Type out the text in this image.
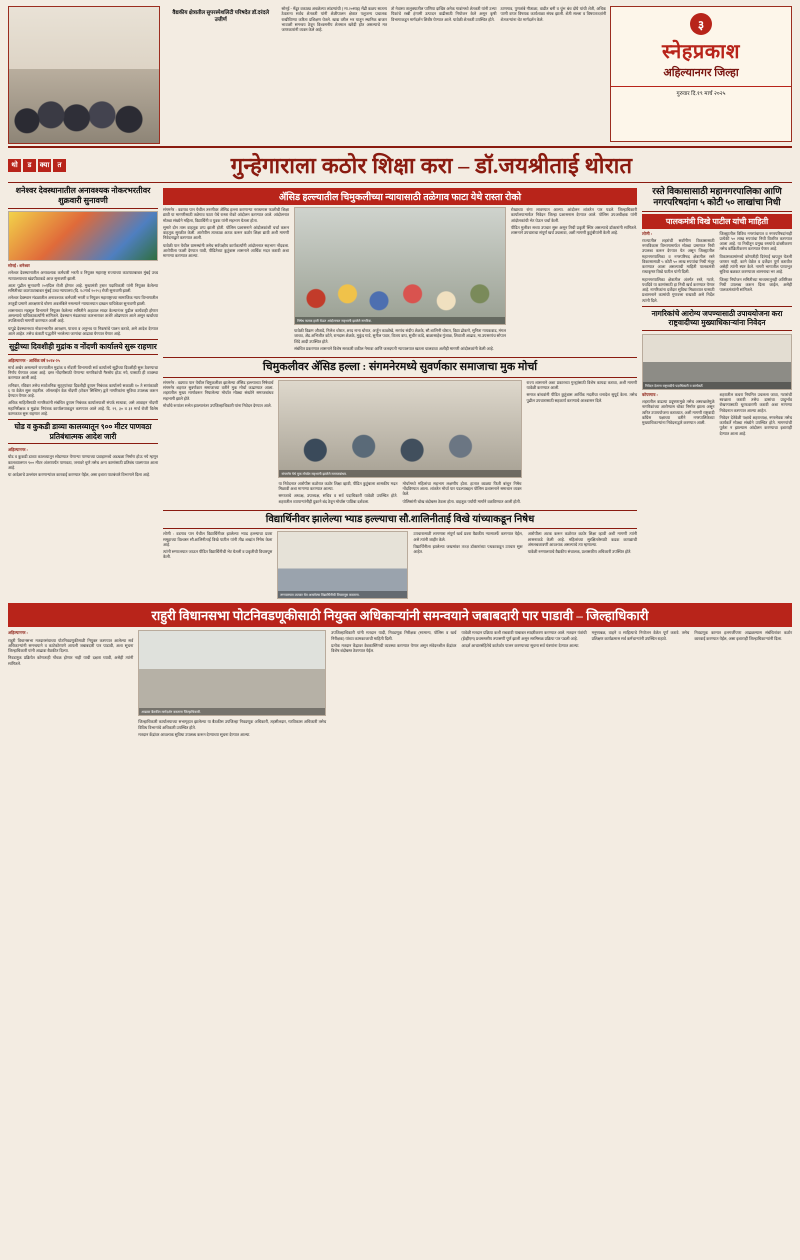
वैद्यकीय क्षेत्रातील सुपरस्पेशलिटी परिषदेत डॉ.दरंदले उत्तीर्ण
सोन्ई - मेंढूर वकाट्य अधळेल्या लांडग्यांची ( मा.२०साह) मेंढी कळप सातत्य ठेवताना सर्वच शेतकरी यांनी शेळीपालन क्षेत्रात पशुजन्य प्रचालक राखीविण्या करिता प्रशिक्षण घेतले. खाद्य वरील भर यातून स्थानिक बाजार भावाशी समन्वय ठेवून विश्वसनीय शेतमाल खरेदी होत असल्याचे मत जाणकारांनी व्यक्त केले आहे.
तो नेवासा तालुक्यातील पाणिया दाखिर अनेक गावांमध्ये शेतकरी यांनी उभ्या पिकांचे रब्बी हंगामी उत्पादन वाढीसाठी नियोजन केले असून कृषी विभागाकडून मार्गदर्शन शिबीर घेण्यात आले. यावेळी शेतकरी उपस्थित होते.
ठाणगाव, पुणतांबे गौताळा, वाडीत बनी व चुंभ बंध दोघे यांची शेती, अधिक पाणी वापर विषयक कार्यशाळा संपन्न झाली. शेती सल्ला व विषयतज्ज्ञांनी शेतकऱ्यांना थेट मार्गदर्शन केले.	३
स्नेहप्रकाश
अहिल्यानगर जिल्हा
गुरुवार दि.१९ मार्च २०२५
थो	ड	क्या	त	गुन्हेगाराला कठोर शिक्षा करा – डॉ.जयश्रीताई थोरात
शनेश्वर देवस्थानातील अनावश्यक नोकरभरतीवर शुक्रवारी सुनावणी

सोनई : शनेश्वर

शनेश्वर देवस्थानातील अनावश्यक कर्मचारी भरती व नियुक्त महाराष्ट्र राज्याच्या काटपाटबाबत मुंबई उच्च न्यायालयाच्या खंडपीठाकडे आज सुनावणी झाली.

आता पुढील सुनावणी २०एप्रिल रोजी होणार आहे. मुख्यमंत्री ट्रस्टर पदाधिकारी यांनी नियुक्त केलेल्या समितीच्या काटपाटाबाबत मुंबई उच्च न्यायालय (दि. १८मार्च २०२५) रोजी सुनावणी झाली.

शनेश्वर देवस्थान मंडळातील अनावश्यक कर्मचारी भरती व नियुक्त महाराष्ट्राच्या सामाजिक न्याय विभागातील तरतुदी प्रमाणे आरक्षणाचे धोरण अवलंबिले नसल्याने न्यायालयात दाखल याचिकेवर सुनावणी झाली.

शासनाच्या महसूल विभागाने नियुक्त केलेल्या समितीने अहवाल सादर केल्यानंतर पुढील कार्यवाही होणार असल्याचे याचिकाकर्त्यांनी सांगितले. देवस्थान मंडळाच्या कारभारावर ताशेरे ओढण्यात आले असून खर्चाच्या तपशिलाची मागणी करण्यात आली आहे.

यापुढे देवस्थानच्या नोकरभरतीत आरक्षण, पात्रता व अनुभव या निकषांचे पालन करावे, असे आदेश देण्यात आले आहेत. तसेच कंत्राटी पद्धतीने भरलेल्या जागांचा आढावा घेण्यात येणार आहे.

सुट्टीच्या दिवशीही मुद्रांक व नोंदणी कार्यालये सुरू राहणार

अहिल्यानगर - आर्थिक वर्ष २०२४-२५

मार्च अखेर असल्याने राज्यातील मुद्रांक व नोंदणी विभागाची सर्व कार्यालये सुट्टीच्या दिवशीही सुरू ठेवण्याचा निर्णय घेण्यात आला आहे. दस्त नोंदणीसाठी येणाऱ्या नागरिकांची गैरसोय होऊ नये, यासाठी ही व्यवस्था करण्यात आली आहे.

शनिवार, रविवार तसेच सार्वजनिक सुट्ट्यांच्या दिवशीही दुय्यम निबंधक कार्यालये सकाळी १० ते सायंकाळी ६ या वेळेत सुरू राहतील. ऑनलाईन वेळ नोंदणी (टोकन सिस्टिम) द्वारे नागरिकांना सुविधा उपलब्ध करून देण्यात येणार आहे.

अधिक माहितीसाठी नागरिकांनी संबंधित दुय्यम निबंधक कार्यालयाशी संपर्क साधावा, असे आवाहन नोंदणी महानिरीक्षक व मुद्रांक नियंत्रक कार्यालयाकडून करण्यात आले आहे. दि. २९, ३० व ३१ मार्च रोजी विशेष कामकाज सुरू राहणार आहे.

घोड व कुकडी डाव्या कालव्यातून ९०० मीटर पाणवठा प्रतिबंधात्मक आदेश जारी

अहिल्यानगर :

घोड व कुकडी डाव्या कालव्यातून सोडण्यात येणाऱ्या पाण्याच्या प्रवाहामध्ये अडथळा निर्माण होऊ नये म्हणून कालव्यालगत ९०० मीटर अंतरापर्यंत पाणवठा, जनावरे धुणे तसेच अन्य कामांसाठी प्रतिबंध घालण्यात आला आहे.

या आदेशाचे उल्लंघन करणाऱ्यांवर कारवाई करण्यात येईल, असा इशारा पाटबंधारे विभागाने दिला आहे.

ॲसिड हल्ल्यातील चिमुकलीच्या न्यायासाठी तळेगाव फाटा येथे रास्ता रोको

संगमनेर : वडगाव पान येथील तरुणीवर ॲसिड हल्ला करणाऱ्या नराधमास फाशीची शिक्षा द्यावी या मागणीसाठी तळेगाव फाटा येथे रास्ता रोको आंदोलन करण्यात आले. आंदोलनात मोठ्या संख्येने महिला, विद्यार्थिनी व युवक यांनी सहभाग घेतला होता.

सुमारे दोन तास वाहतूक ठप्प झाली होती. पोलिस प्रशासनाने आंदोलकांशी चर्चा करून वाहतूक सुरळीत केली. आरोपीस तात्काळ अटक करून कठोर शिक्षा द्यावी अशी मागणी निवेदनाद्वारे करण्यात आली.

यावेळी पान येथील ग्रामस्थांनी तसेच सर्वपक्षीय कार्यकर्त्यांनी आंदोलनात सहभाग नोंदवला. आरोपीला फाशी देण्यात यावी, पीडितेच्या कुटुंबास शासनाने आर्थिक मदत करावी अशा मागण्या करण्यात आल्या.

निषेध फलक हाती घेऊन आंदोलनात सहभागी झालेले नागरिक.

यावेळी विक्रम औताडे, निलेश थोरात, शरद नाना थोरात, अर्जुन काळोखे, सरपंच संदीप शेळके, सौ.शालिनी थोरात, विद्या ढोकणे, सुनिता गायकवाड, मंगल जाधव, ॲड.अभिजीत कोते, रामदास शेळके, मुकुंद गाडे, सुनील पवार, विजय वाघ, सुधीर कांदे, बाळासाहेब गुंजाळ, शिवाजी आढाव, मा.उपसरपंच सोपान शिंदे आदी उपस्थित होते.

संबंधित प्रकरणात शासनाने विशेष सरकारी वकील नेमावा आणि जलदगती न्यायालयात खटला चालवावा अशीही मागणी आंदोलकांनी केली आहे.

रोखाच्या रांगा लावण्यात आल्या. आंदोलन शांततेत पार पडले. जिल्हाधिकारी कार्यालयामार्फत निवेदन जिल्हा प्रशासनास देण्यात आले. पोलिस उपअधीक्षक यांनी आंदोलकांची भेट घेऊन चर्चा केली.

पीडित मुलीवर सध्या उपचार सुरू असून तिची प्रकृती स्थिर असल्याचे डॉक्टरांनी सांगितले. शासनाने उपचाराचा संपूर्ण खर्च उचलावा, अशी मागणी कुटुंबीयांनी केली आहे.

चिमुकलीवर ॲसिड हल्ला : संगमनेरमध्ये सुवर्णकार समाजाचा मुक मोर्चा

संगमनेर : वडगाव पान येथील चिमुकलीवर झालेल्या ॲसिड हल्ल्याच्या निषेधार्थ संगमनेर शहरात सुवर्णकार समाजाच्या वतीने मुक मोर्चा काढण्यात आला. शहरातील मुख्य मार्गावरून निघालेल्या मोर्चात मोठ्या संख्येने समाजबांधव सहभागी झाले होते.

मोर्चाचे रूपांतर सभेत झाल्यानंतर उपजिल्हाधिकारी यांना निवेदन देण्यात आले.

संगमनेर येथे मुक मोर्चात सहभागी झालेले समाजबांधव.

या निवेदनात आरोपीस कठोरात कठोर शिक्षा व्हावी, पीडित कुटुंबाला शासकीय मदत मिळावी अशा मागण्या करण्यात आल्या.

समाजाचे अध्यक्ष, उपाध्यक्ष, सचिव व सर्व पदाधिकारी यावेळी उपस्थित होते. शहरातील व्यापाऱ्यांनीही दुकाने बंद ठेवून मोर्चास पाठिंबा दर्शवला.

मोर्चामध्ये महिलांचा सहभाग लक्षणीय होता. हातात काळ्या फिती बांधून निषेध नोंदविण्यात आला. शांततेत मोर्चा पार पडल्याबद्दल पोलिस प्रशासनाने समाधान व्यक्त केले.

पोलिसांनी चोख बंदोबस्त ठेवला होता. वाहतूक पर्यायी मार्गाने वळविण्यात आली होती.

राज्य शासनाने अशा प्रकारच्या गुन्ह्यांसाठी विशेष कायदा करावा, अशी मागणी यावेळी करण्यात आली.

समाज बांधवांनी पीडित कुटुंबास आर्थिक मदतीचा धनादेश सुपूर्द केला. तसेच पुढील उपचारासाठी सहकार्य करण्याचे आश्वासन दिले.

विद्यार्थिनीवर झालेल्या भ्याड हल्ल्याचा सौ.शालिनीताई विखे यांच्याकडून निषेध

लोणी : वडगाव पान येथील विद्यार्थिनीवर झालेल्या भ्याड हल्ल्याचा प्रवरा समूहाच्या विश्वस्त सौ.शालिनीताई विखे पाटील यांनी तीव्र शब्दांत निषेध केला आहे.

त्यांनी रुग्णालयात जाऊन पीडित विद्यार्थिनीची भेट घेतली व प्रकृतीची विचारपूस केली.

रुग्णालयात उपचार घेत असलेल्या विद्यार्थिनीची विचारपूस करताना.

उपचारासाठी लागणारा संपूर्ण खर्च प्रवरा वैद्यकीय न्यासातर्फे करण्यात येईल, असे त्यांनी जाहीर केले.

विद्यार्थिनीला झालेल्या जखमांवर तज्ज्ञ डॉक्टरांच्या पथकाकडून उपचार सुरू आहेत.

आरोपीला अटक करून कठोरात कठोर शिक्षा व्हावी अशी मागणी त्यांनी शासनाकडे केली आहे. महिलांच्या सुरक्षिततेसाठी कडक कायद्याची अंमलबजावणी आवश्यक असल्याचे त्या म्हणाल्या.

यावेळी रुग्णालयाचे वैद्यकीय संचालक, प्रशासकीय अधिकारी उपस्थित होते.

रस्ते विकासासाठी महानगरपालिका आणि नगरपरिषदांना ५ कोटी ५० लाखांचा निधी
पालकमंत्री विखे पाटील यांची माहिती

लोणी :

राज्यातील शहरांची सर्वांगीण विकासासाठी नगरविकास विभागामार्फत मोठ्या प्रमाणात निधी उपलब्ध करून देण्यात येत असून जिल्ह्यातील महानगरपालिका व नगरपरिषद क्षेत्रातील रस्ते विकासासाठी ५ कोटी ५० लाख रुपयांचा निधी मंजूर करण्यात आला असल्याची माहिती पालकमंत्री राधाकृष्ण विखे पाटील यांनी दिली.

महानगरपालिका क्षेत्रातील अंतर्गत रस्ते, गटारे, पथदिवे या कामांसाठी हा निधी खर्च करण्यात येणार आहे. नागरिकांना दर्जेदार सुविधा मिळाव्यात यासाठी प्रशासनाने कामांची गुणवत्ता राखावी असे निर्देश त्यांनी दिले.

जिल्ह्यातील विविध नगरपंचायत व नगरपरिषदांनाही प्रत्येकी ५० लाख रुपयांचा निधी वितरित करण्यात आला आहे. या निधीतून प्रमुख रस्त्यांचे डांबरीकरण तसेच काँक्रिटीकरण करण्यात येणार आहे.

विकासकामांमध्ये कोणतीही दिरंगाई खपवून घेतली जाणार नाही, कामे वेळेत व दर्जेदार पूर्ण करावीत असेही त्यांनी स्पष्ट केले. नागरी भागातील पायाभूत सुविधा बळकट करण्यावर शासनाचा भर आहे.

जिल्हा नियोजन समितीच्या माध्यमातूनही अतिरिक्त निधी उपलब्ध करून दिला जाईल, असेही पालकमंत्र्यांनी सांगितले.

नागरिकांचे आरोग्य जपण्यासाठी उपाययोजना करा राष्ट्रवादीच्या मुख्याधिकाऱ्यांना निवेदन
निवेदन देताना राष्ट्रवादीचे पदाधिकारी व कार्यकर्ते.

कोपरगाव :

शहरातील वाढत्या प्रदूषणामुळे तसेच अस्वच्छतेमुळे नागरिकांच्या आरोग्यास धोका निर्माण झाला असून त्वरित उपाययोजना कराव्यात, अशी मागणी राष्ट्रवादी काँग्रेस पक्षाच्या वतीने नगरपालिकेच्या मुख्याधिकाऱ्यांना निवेदनाद्वारे करण्यात आली.

शहरातील कचरा नियमित उचलला जावा, गटारांची स्वच्छता करावी तसेच डासांचा प्रादुर्भाव रोखण्यासाठी धूरफवारणी करावी अशा मागण्या निवेदनात करण्यात आल्या आहेत.

निवेदन देतेवेळी पक्षाचे शहराध्यक्ष, नगरसेवक तसेच कार्यकर्ते मोठ्या संख्येने उपस्थित होते. मागण्यांची पूर्तता न झाल्यास आंदोलन करण्याचा इशाराही देण्यात आला आहे.

राहुरी विधानसभा पोटनिवडणूकीसाठी नियुक्त अधिकाऱ्यांनी समन्वयाने जबाबदारी पार पाडावी – जिल्हाधिकारी

अहिल्यानगर :

राहुरी विधानसभा मतदारसंघाच्या पोटनिवडणुकीसाठी नियुक्त करण्यात आलेल्या सर्व अधिकाऱ्यांनी समन्वयाने व काटेकोरपणे आपली जबाबदारी पार पाडावी, अशा सूचना जिल्हाधिकारी यांनी आढावा बैठकीत दिल्या.

निवडणूक प्रक्रियेत कोणताही गोंधळ होणार नाही याची दक्षता घ्यावी, असेही त्यांनी सांगितले.

आढावा बैठकीत मार्गदर्शन करताना जिल्हाधिकारी.

जिल्हाधिकारी कार्यालयाच्या सभागृहात झालेल्या या बैठकीस उपजिल्हा निवडणूक अधिकारी, तहसीलदार, गटविकास अधिकारी तसेच विविध विभागांचे अधिकारी उपस्थित होते.

मतदान केंद्रांवर आवश्यक सुविधा उपलब्ध करून देण्याच्या सूचना देण्यात आल्या.

उपजिल्हाधिकारी यांनी मतदान यादी, निवडणूक निरीक्षक (सामान्य, पोलिस व खर्च निरीक्षक) यांच्या कामकाजाची माहिती दिली.

प्रत्येक मतदान केंद्रावर वेबकास्टिंगची व्यवस्था करण्यात येणार असून संवेदनशील केंद्रांवर विशेष बंदोबस्त ठेवण्यात येईल.

यावेळी मतदान प्रक्रिया कशी राबवावी याबाबत सादरीकरण करण्यात आले. मतदान यंत्रांची (ईव्हीएम) प्रथमस्तरीय तपासणी पूर्ण झाली असून सरमिसळ प्रक्रिया पार पडली आहे.

आदर्श आचारसंहितेचे काटेकोर पालन करण्याच्या सूचना सर्व यंत्रणांना देण्यात आल्या.

मनुष्यबळ, वाहने व साहित्याचे नियोजन वेळेत पूर्ण करावे. तसेच प्रशिक्षण कार्यक्रमास सर्व कर्मचाऱ्यांनी उपस्थित राहावे.

निवडणूक कामात हलगर्जीपणा आढळल्यास संबंधितांवर कठोर कारवाई करण्यात येईल, असा इशाराही जिल्हाधिकाऱ्यांनी दिला.
